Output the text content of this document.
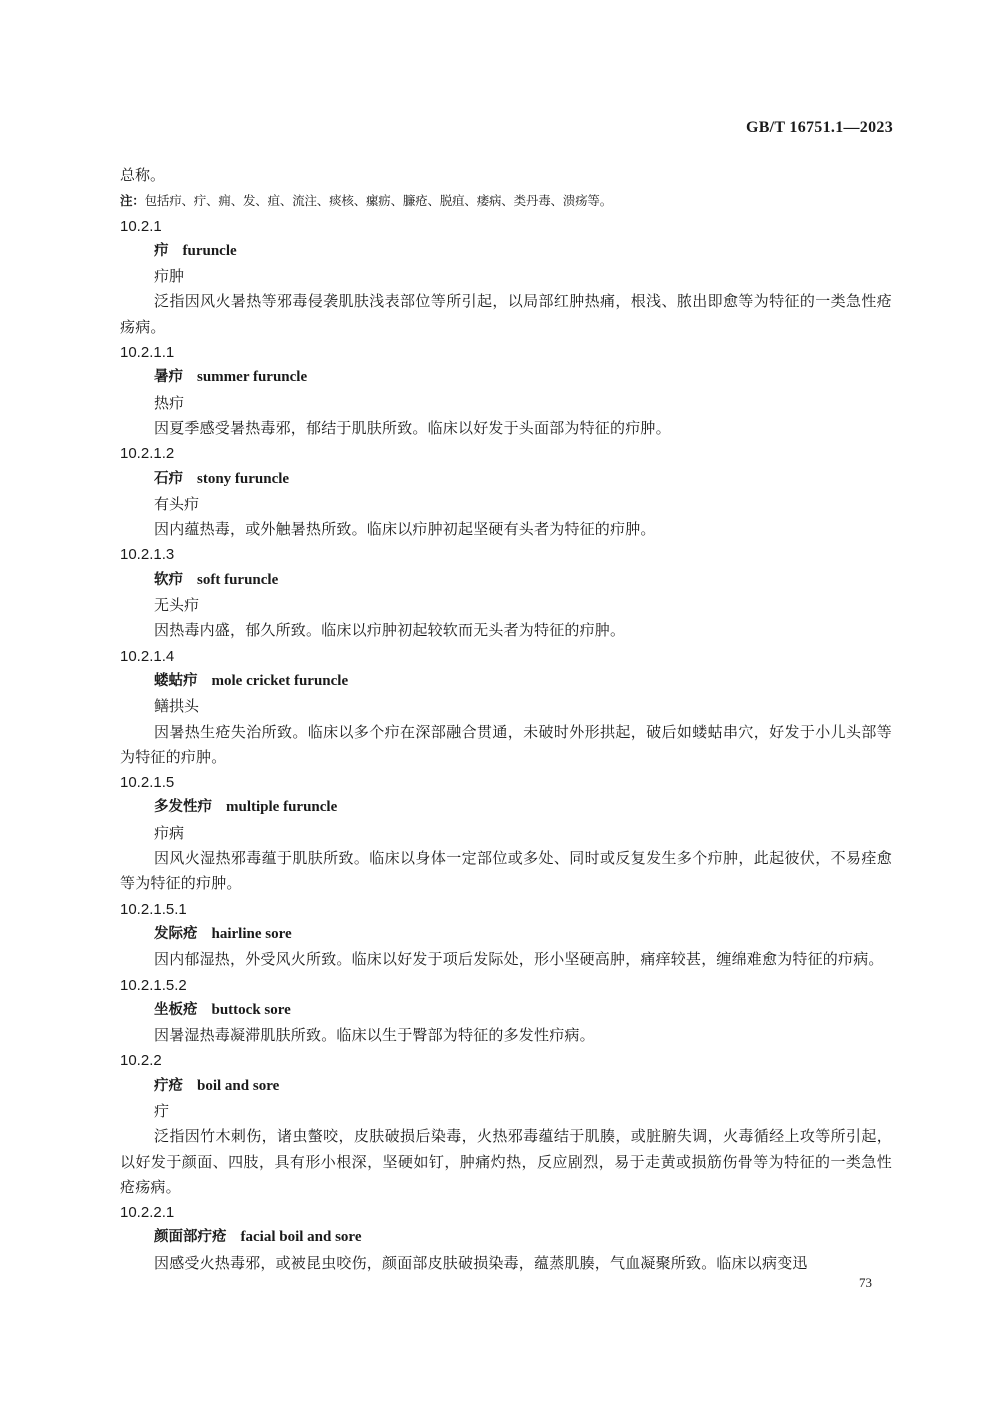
GB/T 16751.1—2023
总称。
注：包括疖、疔、痈、发、疽、流注、痰核、瘰疬、臁疮、脱疽、痿病、类丹毒、溃疡等。
10.2.1
疖 furuncle
疖肿
泛指因风火暑热等邪毒侵袭肌肤浅表部位等所引起，以局部红肿热痛，根浅、脓出即愈等为特征的一类急性疮疡病。
10.2.1.1
暑疖 summer furuncle
热疖
因夏季感受暑热毒邪，郁结于肌肤所致。临床以好发于头面部为特征的疖肿。
10.2.1.2
石疖 stony furuncle
有头疖
因内蕴热毒，或外触暑热所致。临床以疖肿初起坚硬有头者为特征的疖肿。
10.2.1.3
软疖 soft furuncle
无头疖
因热毒内盛，郁久所致。临床以疖肿初起较软而无头者为特征的疖肿。
10.2.1.4
蝼蛄疖 mole cricket furuncle
鳝拱头
因暑热生疮失治所致。临床以多个疖在深部融合贯通，未破时外形拱起，破后如蝼蛄串穴，好发于小儿头部等为特征的疖肿。
10.2.1.5
多发性疖 multiple furuncle
疖病
因风火湿热邪毒蕴于肌肤所致。临床以身体一定部位或多处、同时或反复发生多个疖肿，此起彼伏，不易痊愈等为特征的疖肿。
10.2.1.5.1
发际疮 hairline sore
因内郁湿热，外受风火所致。临床以好发于项后发际处，形小坚硬高肿，痛痒较甚，缠绵难愈为特征的疖病。
10.2.1.5.2
坐板疮 buttock sore
因暑湿热毒凝滞肌肤所致。临床以生于臀部为特征的多发性疖病。
10.2.2
疔疮 boil and sore
疔
泛指因竹木刺伤，诸虫螫咬，皮肤破损后染毒，火热邪毒蕴结于肌腠，或脏腑失调，火毒循经上攻等所引起，以好发于颜面、四肢，具有形小根深，坚硬如钉，肿痛灼热，反应剧烈，易于走黄或损筋伤骨等为特征的一类急性疮疡病。
10.2.2.1
颜面部疔疮 facial boil and sore
因感受火热毒邪，或被昆虫咬伤，颜面部皮肤破损染毒，蕴蒸肌腠，气血凝聚所致。临床以病变迅
73
